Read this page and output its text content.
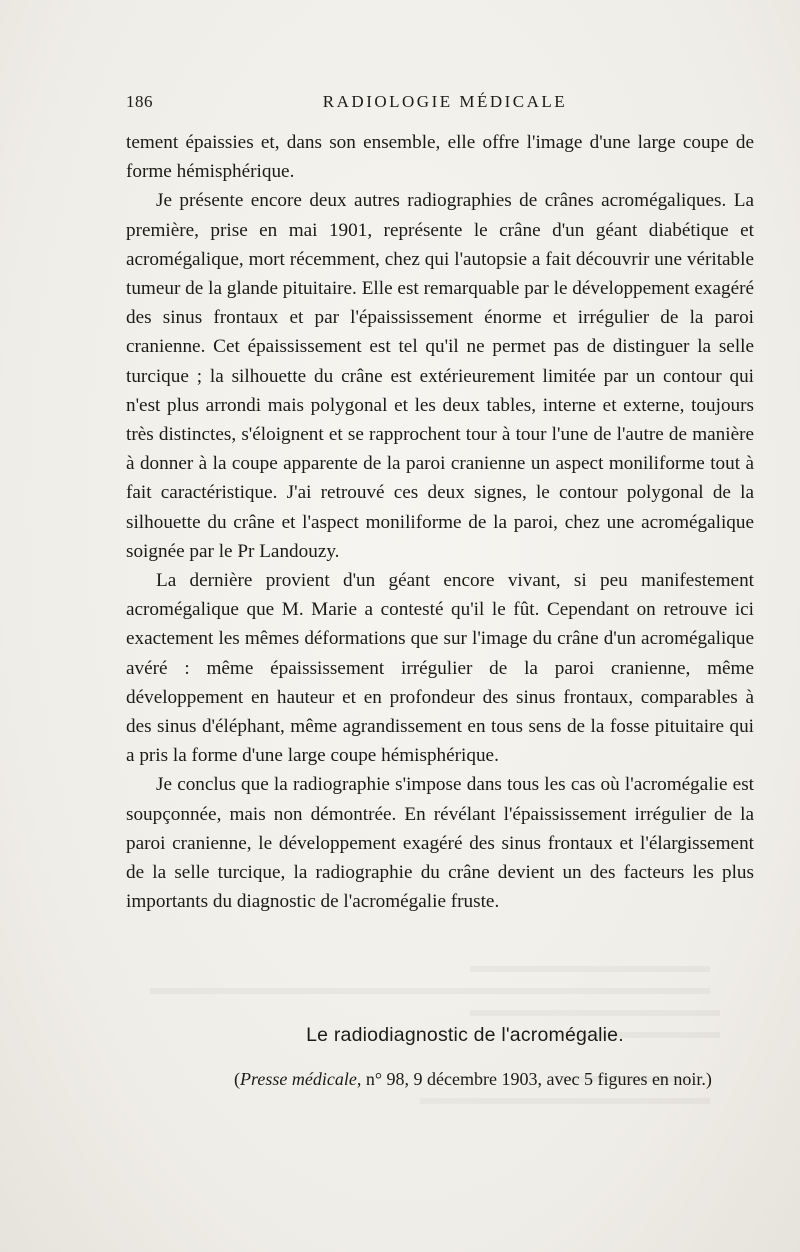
186	RADIOLOGIE MÉDICALE

tement épaissies et, dans son ensemble, elle offre l'image d'une large coupe de forme hémisphérique.

Je présente encore deux autres radiographies de crânes acromégaliques. La première, prise en mai 1901, représente le crâne d'un géant diabétique et acromégalique, mort récemment, chez qui l'autopsie a fait découvrir une véritable tumeur de la glande pituitaire. Elle est remarquable par le développement exagéré des sinus frontaux et par l'épaississement énorme et irrégulier de la paroi cranienne. Cet épaississement est tel qu'il ne permet pas de distinguer la selle turcique ; la silhouette du crâne est extérieurement limitée par un contour qui n'est plus arrondi mais polygonal et les deux tables, interne et externe, toujours très distinctes, s'éloignent et se rapprochent tour à tour l'une de l'autre de manière à donner à la coupe apparente de la paroi cranienne un aspect moniliforme tout à fait caractéristique. J'ai retrouvé ces deux signes, le contour polygonal de la silhouette du crâne et l'aspect moniliforme de la paroi, chez une acromégalique soignée par le Pr Landouzy.

La dernière provient d'un géant encore vivant, si peu manifestement acromégalique que M. Marie a contesté qu'il le fût. Cependant on retrouve ici exactement les mêmes déformations que sur l'image du crâne d'un acromégalique avéré : même épaississement irrégulier de la paroi cranienne, même développement en hauteur et en profondeur des sinus frontaux, comparables à des sinus d'éléphant, même agrandissement en tous sens de la fosse pituitaire qui a pris la forme d'une large coupe hémisphérique.

Je conclus que la radiographie s'impose dans tous les cas où l'acromégalie est soupçonnée, mais non démontrée. En révélant l'épaississement irrégulier de la paroi cranienne, le développement exagéré des sinus frontaux et l'élargissement de la selle turcique, la radiographie du crâne devient un des facteurs les plus importants du diagnostic de l'acromégalie fruste.

Le radiodiagnostic de l'acromégalie.
(Presse médicale, n° 98, 9 décembre 1903, avec 5 figures en noir.)
